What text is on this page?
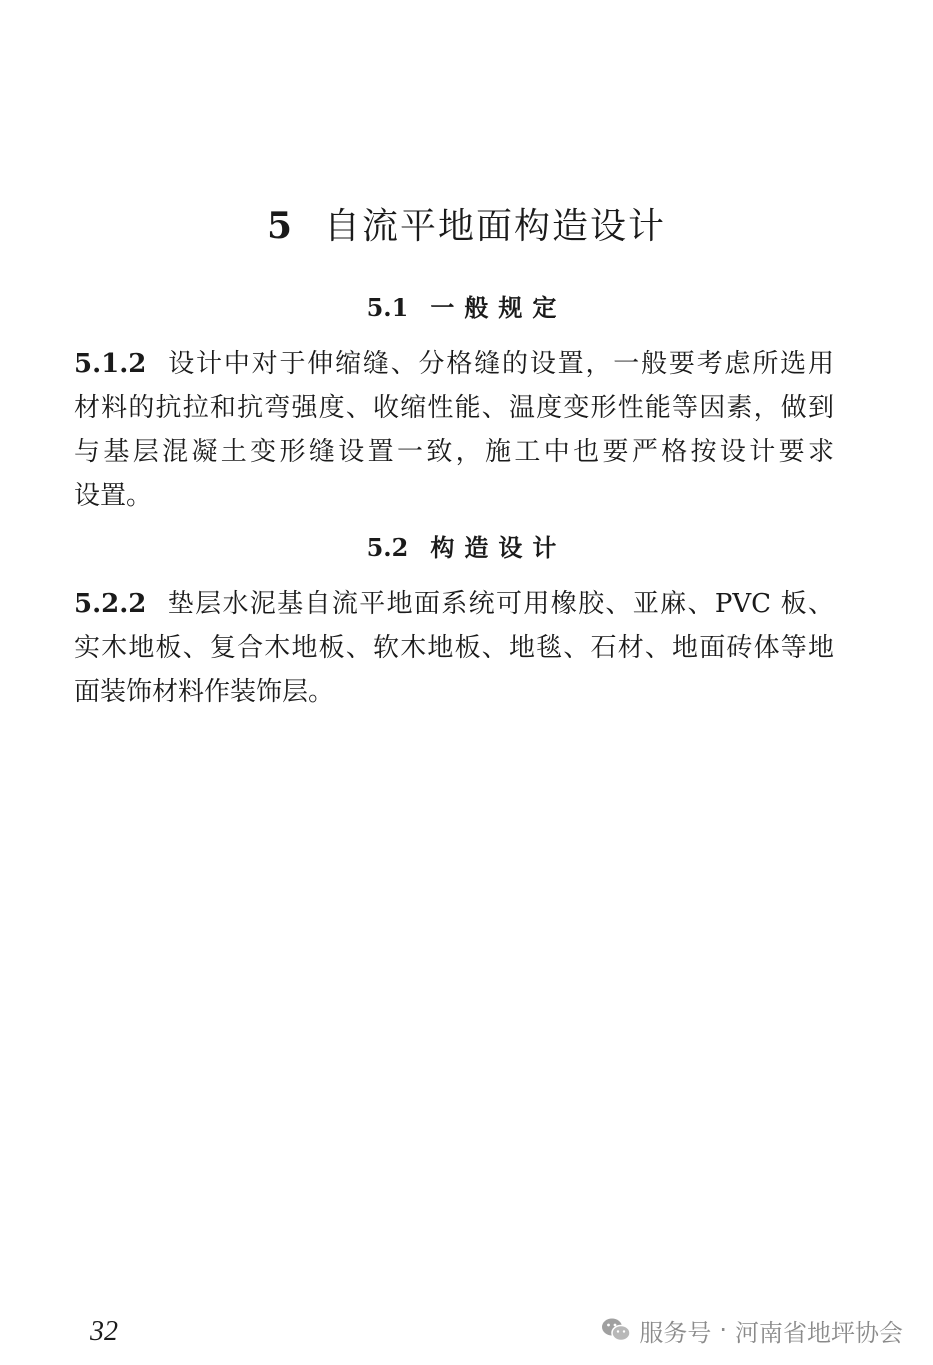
5 自流平地面构造设计
5.1 一般规定
5.1.2 设计中对于伸缩缝、分格缝的设置，一般要考虑所选用
材料的抗拉和抗弯强度、收缩性能、温度变形性能等因素，做到
与基层混凝土变形缝设置一致，施工中也要严格按设计要求
设置。
5.2 构造设计
5.2.2 垫层水泥基自流平地面系统可用橡胶、亚麻、PVC 板、
实木地板、复合木地板、软木地板、地毯、石材、地面砖体等地
面装饰材料作装饰层。
32	服务号 · 河南省地坪协会
